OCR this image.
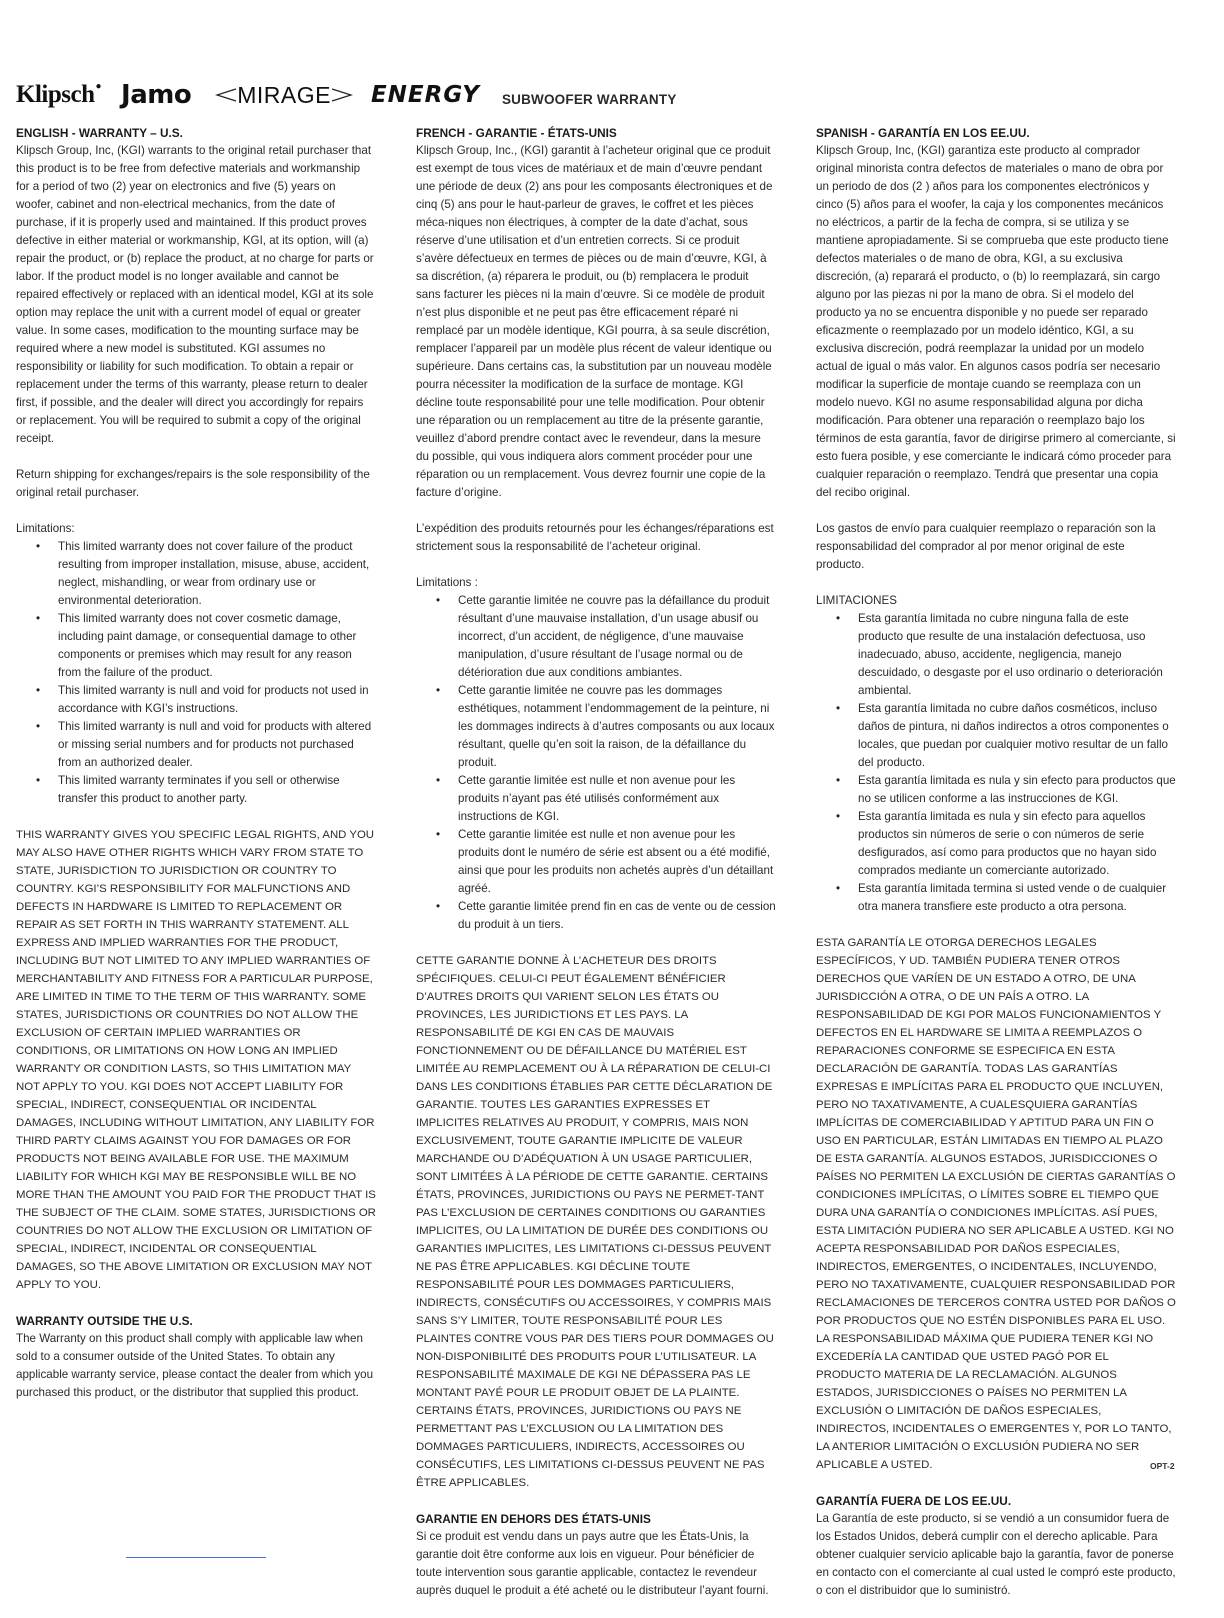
Klipsch● Jamo MIRAGE ENERGY SUBWOOFER WARRANTY
ENGLISH - WARRANTY – U.S.

Klipsch Group, Inc, (KGI) warrants to the original retail purchaser that this product is to be free from defective materials and workmanship for a period of two (2) year on electronics and five (5) years on woofer, cabinet and non-electrical mechanics, from the date of purchase, if it is properly used and maintained. If this product proves defective in either material or workmanship, KGI, at its option, will (a) repair the product, or (b) replace the product, at no charge for parts or labor. If the product model is no longer available and cannot be repaired effectively or replaced with an identical model, KGI at its sole option may replace the unit with a current model of equal or greater value. In some cases, modification to the mounting surface may be required where a new model is substituted. KGI assumes no responsibility or liability for such modification. To obtain a repair or replacement under the terms of this warranty, please return to dealer first, if possible, and the dealer will direct you accordingly for repairs or replacement. You will be required to submit a copy of the original receipt.

Return shipping for exchanges/repairs is the sole responsibility of the original retail purchaser.

Limitations:

• This limited warranty does not cover failure of the product resulting from improper installation, misuse, abuse, accident, neglect, mishandling, or wear from ordinary use or environmental deterioration.
• This limited warranty does not cover cosmetic damage, including paint damage, or consequential damage to other components or premises which may result for any reason from the failure of the product.
• This limited warranty is null and void for products not used in accordance with KGI’s instructions.
• This limited warranty is null and void for products with altered or missing serial numbers and for products not purchased from an authorized dealer.
• This limited warranty terminates if you sell or otherwise transfer this product to another party.

THIS WARRANTY GIVES YOU SPECIFIC LEGAL RIGHTS, AND YOU MAY ALSO HAVE OTHER RIGHTS WHICH VARY FROM STATE TO STATE, JURISDICTION TO JURISDICTION OR COUNTRY TO COUNTRY. KGI’S RESPONSIBILITY FOR MALFUNCTIONS AND DEFECTS IN HARDWARE IS LIMITED TO REPLACEMENT OR REPAIR AS SET FORTH IN THIS WARRANTY STATEMENT. ALL EXPRESS AND IMPLIED WARRANTIES FOR THE PRODUCT, INCLUDING BUT NOT LIMITED TO ANY IMPLIED WARRANTIES OF MERCHANTABILITY AND FITNESS FOR A PARTICULAR PURPOSE, ARE LIMITED IN TIME TO THE TERM OF THIS WARRANTY. SOME STATES, JURISDICTIONS OR COUNTRIES DO NOT ALLOW THE EXCLUSION OF CERTAIN IMPLIED WARRANTIES OR CONDITIONS, OR LIMITATIONS ON HOW LONG AN IMPLIED WARRANTY OR CONDITION LASTS, SO THIS LIMITATION MAY NOT APPLY TO YOU. KGI DOES NOT ACCEPT LIABILITY FOR SPECIAL, INDIRECT, CONSEQUENTIAL OR INCIDENTAL DAMAGES, INCLUDING WITHOUT LIMITATION, ANY LIABILITY FOR THIRD PARTY CLAIMS AGAINST YOU FOR DAMAGES OR FOR PRODUCTS NOT BEING AVAILABLE FOR USE. THE MAXIMUM LIABILITY FOR WHICH KGI MAY BE RESPONSIBLE WILL BE NO MORE THAN THE AMOUNT YOU PAID FOR THE PRODUCT THAT IS THE SUBJECT OF THE CLAIM. SOME STATES, JURISDICTIONS OR COUNTRIES DO NOT ALLOW THE EXCLUSION OR LIMITATION OF SPECIAL, INDIRECT, INCIDENTAL OR CONSEQUENTIAL DAMAGES, SO THE ABOVE LIMITATION OR EXCLUSION MAY NOT APPLY TO YOU.

WARRANTY OUTSIDE THE U.S.

The Warranty on this product shall comply with applicable law when sold to a consumer outside of the United States. To obtain any applicable warranty service, please contact the dealer from which you purchased this product, or the distributor that supplied this product.

FRENCH - GARANTIE - ÉTATS-UNIS

Klipsch Group, Inc., (KGI) garantit à l’acheteur original que ce produit est exempt de tous vices de matériaux et de main d’œuvre pendant une période de deux (2) ans pour les composants électroniques et de cinq (5) ans pour le haut-parleur de graves, le coffret et les pièces méca-niques non électriques, à compter de la date d’achat, sous réserve d’une utilisation et d’un entretien corrects. Si ce produit s’avère défectueux en termes de pièces ou de main d’œuvre, KGI, à sa discrétion, (a) réparera le produit, ou (b) remplacera le produit sans facturer les pièces ni la main d’œuvre. Si ce modèle de produit n’est plus disponible et ne peut pas être efficacement réparé ni remplacé par un modèle identique, KGI pourra, à sa seule discrétion, remplacer l’appareil par un modèle plus récent de valeur identique ou supérieure. Dans certains cas, la substitution par un nouveau modèle pourra nécessiter la modification de la surface de montage. KGI décline toute responsabilité pour une telle modification. Pour obtenir une réparation ou un remplacement au titre de la présente garantie, veuillez d’abord prendre contact avec le revendeur, dans la mesure du possible, qui vous indiquera alors comment procéder pour une réparation ou un remplacement. Vous devrez fournir une copie de la facture d’origine.

L’expédition des produits retournés pour les échanges/réparations est strictement sous la responsabilité de l’acheteur original.

Limitations :

• Cette garantie limitée ne couvre pas la défaillance du produit résultant d’une mauvaise installation, d’un usage abusif ou incorrect, d’un accident, de négligence, d’une mauvaise manipulation, d’usure résultant de l’usage normal ou de détérioration due aux conditions ambiantes.
• Cette garantie limitée ne couvre pas les dommages esthétiques, notamment l’endommagement de la peinture, ni les dommages indirects à d’autres composants ou aux locaux résultant, quelle qu’en soit la raison, de la défaillance du produit.
• Cette garantie limitée est nulle et non avenue pour les produits n’ayant pas été utilisés conformément aux instructions de KGI.
• Cette garantie limitée est nulle et non avenue pour les produits dont le numéro de série est absent ou a été modifié, ainsi que pour les produits non achetés auprès d’un détaillant agréé.
• Cette garantie limitée prend fin en cas de vente ou de cession du produit à un tiers.

CETTE GARANTIE DONNE À L’ACHETEUR DES DROITS SPÉCIFIQUES. CELUI-CI PEUT ÉGALEMENT BÉNÉFICIER D’AUTRES DROITS QUI VARIENT SELON LES ÉTATS OU PROVINCES, LES JURIDICTIONS ET LES PAYS. LA RESPONSABILITÉ DE KGI EN CAS DE MAUVAIS FONCTIONNEMENT OU DE DÉFAILLANCE DU MATÉRIEL EST LIMITÉE AU REMPLACEMENT OU À LA RÉPARATION DE CELUI-CI DANS LES CONDITIONS ÉTABLIES PAR CETTE DÉCLARATION DE GARANTIE. TOUTES LES GARANTIES EXPRESSES ET IMPLICITES RELATIVES AU PRODUIT, Y COMPRIS, MAIS NON EXCLUSIVEMENT, TOUTE GARANTIE IMPLICITE DE VALEUR MARCHANDE OU D’ADÉQUATION À UN USAGE PARTICULIER, SONT LIMITÉES À LA PÉRIODE DE CETTE GARANTIE. CERTAINS ÉTATS, PROVINCES, JURIDICTIONS OU PAYS NE PERMET-TANT PAS L’EXCLUSION DE CERTAINES CONDITIONS OU GARANTIES IMPLICITES, OU LA LIMITATION DE DURÉE DES CONDITIONS OU GARANTIES IMPLICITES, LES LIMITATIONS CI-DESSUS PEUVENT NE PAS ÊTRE APPLICABLES. KGI DÉCLINE TOUTE RESPONSABILITÉ POUR LES DOMMAGES PARTICULIERS, INDIRECTS, CONSÉCUTIFS OU ACCESSOIRES, Y COMPRIS MAIS SANS S’Y LIMITER, TOUTE RESPONSABILITÉ POUR LES PLAINTES CONTRE VOUS PAR DES TIERS POUR DOMMAGES OU NON-DISPONIBILITÉ DES PRODUITS POUR L’UTILISATEUR. LA RESPONSABILITÉ MAXIMALE DE KGI NE DÉPASSERA PAS LE MONTANT PAYÉ POUR LE PRODUIT OBJET DE LA PLAINTE. CERTAINS ÉTATS, PROVINCES, JURIDICTIONS OU PAYS NE PERMETTANT PAS L’EXCLUSION OU LA LIMITATION DES DOMMAGES PARTICULIERS, INDIRECTS, ACCESSOIRES OU CONSÉCUTIFS, LES LIMITATIONS CI-DESSUS PEUVENT NE PAS ÊTRE APPLICABLES.

GARANTIE EN DEHORS DES ÉTATS-UNIS

Si ce produit est vendu dans un pays autre que les États-Unis, la garantie doit être conforme aux lois en vigueur. Pour bénéficier de toute intervention sous garantie applicable, contactez le revendeur auprès duquel le produit a été acheté ou le distributeur l’ayant fourni.

SPANISH - GARANTÍA EN LOS EE.UU.

Klipsch Group, Inc, (KGI) garantiza este producto al comprador original minorista contra defectos de materiales o mano de obra por un periodo de dos (2 ) años para los componentes electrónicos y cinco (5) años para el woofer, la caja y los componentes mecánicos no eléctricos, a partir de la fecha de compra, si se utiliza y se mantiene apropiadamente. Si se comprueba que este producto tiene defectos materiales o de mano de obra, KGI, a su exclusiva discreción, (a) reparará el producto, o (b) lo reemplazará, sin cargo alguno por las piezas ni por la mano de obra. Si el modelo del producto ya no se encuentra disponible y no puede ser reparado eficazmente o reemplazado por un modelo idéntico, KGI, a su exclusiva discreción, podrá reemplazar la unidad por un modelo actual de igual o más valor. En algunos casos podría ser necesario modificar la superficie de montaje cuando se reemplaza con un modelo nuevo. KGI no asume responsabilidad alguna por dicha modificación. Para obtener una reparación o reemplazo bajo los términos de esta garantía, favor de dirigirse primero al comerciante, si esto fuera posible, y ese comerciante le indicará cómo proceder para cualquier reparación o reemplazo. Tendrá que presentar una copia del recibo original.

Los gastos de envío para cualquier reemplazo o reparación son la responsabilidad del comprador al por menor original de este producto.

LIMITACIONES

• Esta garantía limitada no cubre ninguna falla de este producto que resulte de una instalación defectuosa, uso inadecuado, abuso, accidente, negligencia, manejo descuidado, o desgaste por el uso ordinario o deterioración ambiental.
• Esta garantía limitada no cubre daños cosméticos, incluso daños de pintura, ni daños indirectos a otros componentes o locales, que puedan por cualquier motivo resultar de un fallo del producto.
• Esta garantía limitada es nula y sin efecto para productos que no se utilicen conforme a las instrucciones de KGI.
• Esta garantía limitada es nula y sin efecto para aquellos productos sin números de serie o con números de serie desfigurados, así como para productos que no hayan sido comprados mediante un comerciante autorizado.
• Esta garantía limitada termina si usted vende o de cualquier otra manera transfiere este producto a otra persona.

ESTA GARANTÍA LE OTORGA DERECHOS LEGALES ESPECÍFICOS, Y UD. TAMBIÉN PUDIERA TENER OTROS DERECHOS QUE VARÍEN DE UN ESTADO A OTRO, DE UNA JURISDICCIÓN A OTRA, O DE UN PAÍS A OTRO. LA RESPONSABILIDAD DE KGI POR MALOS FUNCIONAMIENTOS Y DEFECTOS EN EL HARDWARE SE LIMITA A REEMPLAZOS O REPARACIONES CONFORME SE ESPECIFICA EN ESTA DECLARACIÓN DE GARANTÍA. TODAS LAS GARANTÍAS EXPRESAS E IMPLÍCITAS PARA EL PRODUCTO QUE INCLUYEN, PERO NO TAXATIVAMENTE, A CUALESQUIERA GARANTÍAS IMPLÍCITAS DE COMERCIABILIDAD Y APTITUD PARA UN FIN O USO EN PARTICULAR, ESTÁN LIMITADAS EN TIEMPO AL PLAZO DE ESTA GARANTÍA. ALGUNOS ESTADOS, JURISDICCIONES O PAÍSES NO PERMITEN LA EXCLUSIÓN DE CIERTAS GARANTÍAS O CONDICIONES IMPLÍCITAS, O LÍMITES SOBRE EL TIEMPO QUE DURA UNA GARANTÍA O CONDICIONES IMPLÍCITAS. ASÍ PUES, ESTA LIMITACIÓN PUDIERA NO SER APLICABLE A USTED. KGI NO ACEPTA RESPONSABILIDAD POR DAÑOS ESPECIALES, INDIRECTOS, EMERGENTES, O INCIDENTALES, INCLUYENDO, PERO NO TAXATIVAMENTE, CUALQUIER RESPONSABILIDAD POR RECLAMACIONES DE TERCEROS CONTRA USTED POR DAÑOS O POR PRODUCTOS QUE NO ESTÉN DISPONIBLES PARA EL USO. LA RESPONSABILIDAD MÁXIMA QUE PUDIERA TENER KGI NO EXCEDERÍA LA CANTIDAD QUE USTED PAGÓ POR EL PRODUCTO MATERIA DE LA RECLAMACIÓN. ALGUNOS ESTADOS, JURISDICCIONES O PAÍSES NO PERMITEN LA EXCLUSIÓN O LIMITACIÓN DE DAÑOS ESPECIALES, INDIRECTOS, INCIDENTALES O EMERGENTES Y, POR LO TANTO, LA ANTERIOR LIMITACIÓN O EXCLUSIÓN PUDIERA NO SER APLICABLE A USTED.

GARANTÍA FUERA DE LOS EE.UU.

La Garantía de este producto, si se vendió a un consumidor fuera de los Estados Unidos, deberá cumplir con el derecho aplicable. Para obtener cualquier servicio aplicable bajo la garantía, favor de ponerse en contacto con el comerciante al cual usted le compró este producto, o con el distribuidor que lo suministró.

OPT-2
